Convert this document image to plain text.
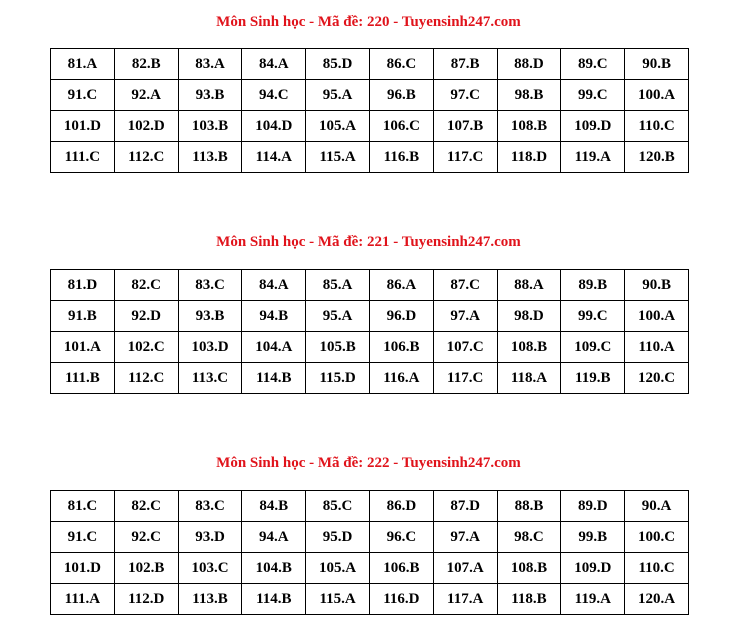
Môn Sinh học - Mã đề: 220 - Tuyensinh247.com
81.A	82.B	83.A	84.A	85.D	86.C	87.B	88.D	89.C	90.B
91.C	92.A	93.B	94.C	95.A	96.B	97.C	98.B	99.C	100.A
101.D	102.D	103.B	104.D	105.A	106.C	107.B	108.B	109.D	110.C
111.C	112.C	113.B	114.A	115.A	116.B	117.C	118.D	119.A	120.B
Môn Sinh học - Mã đề: 221 - Tuyensinh247.com
81.D	82.C	83.C	84.A	85.A	86.A	87.C	88.A	89.B	90.B
91.B	92.D	93.B	94.B	95.A	96.D	97.A	98.D	99.C	100.A
101.A	102.C	103.D	104.A	105.B	106.B	107.C	108.B	109.C	110.A
111.B	112.C	113.C	114.B	115.D	116.A	117.C	118.A	119.B	120.C
Môn Sinh học - Mã đề: 222 - Tuyensinh247.com
81.C	82.C	83.C	84.B	85.C	86.D	87.D	88.B	89.D	90.A
91.C	92.C	93.D	94.A	95.D	96.C	97.A	98.C	99.B	100.C
101.D	102.B	103.C	104.B	105.A	106.B	107.A	108.B	109.D	110.C
111.A	112.D	113.B	114.B	115.A	116.D	117.A	118.B	119.A	120.A
